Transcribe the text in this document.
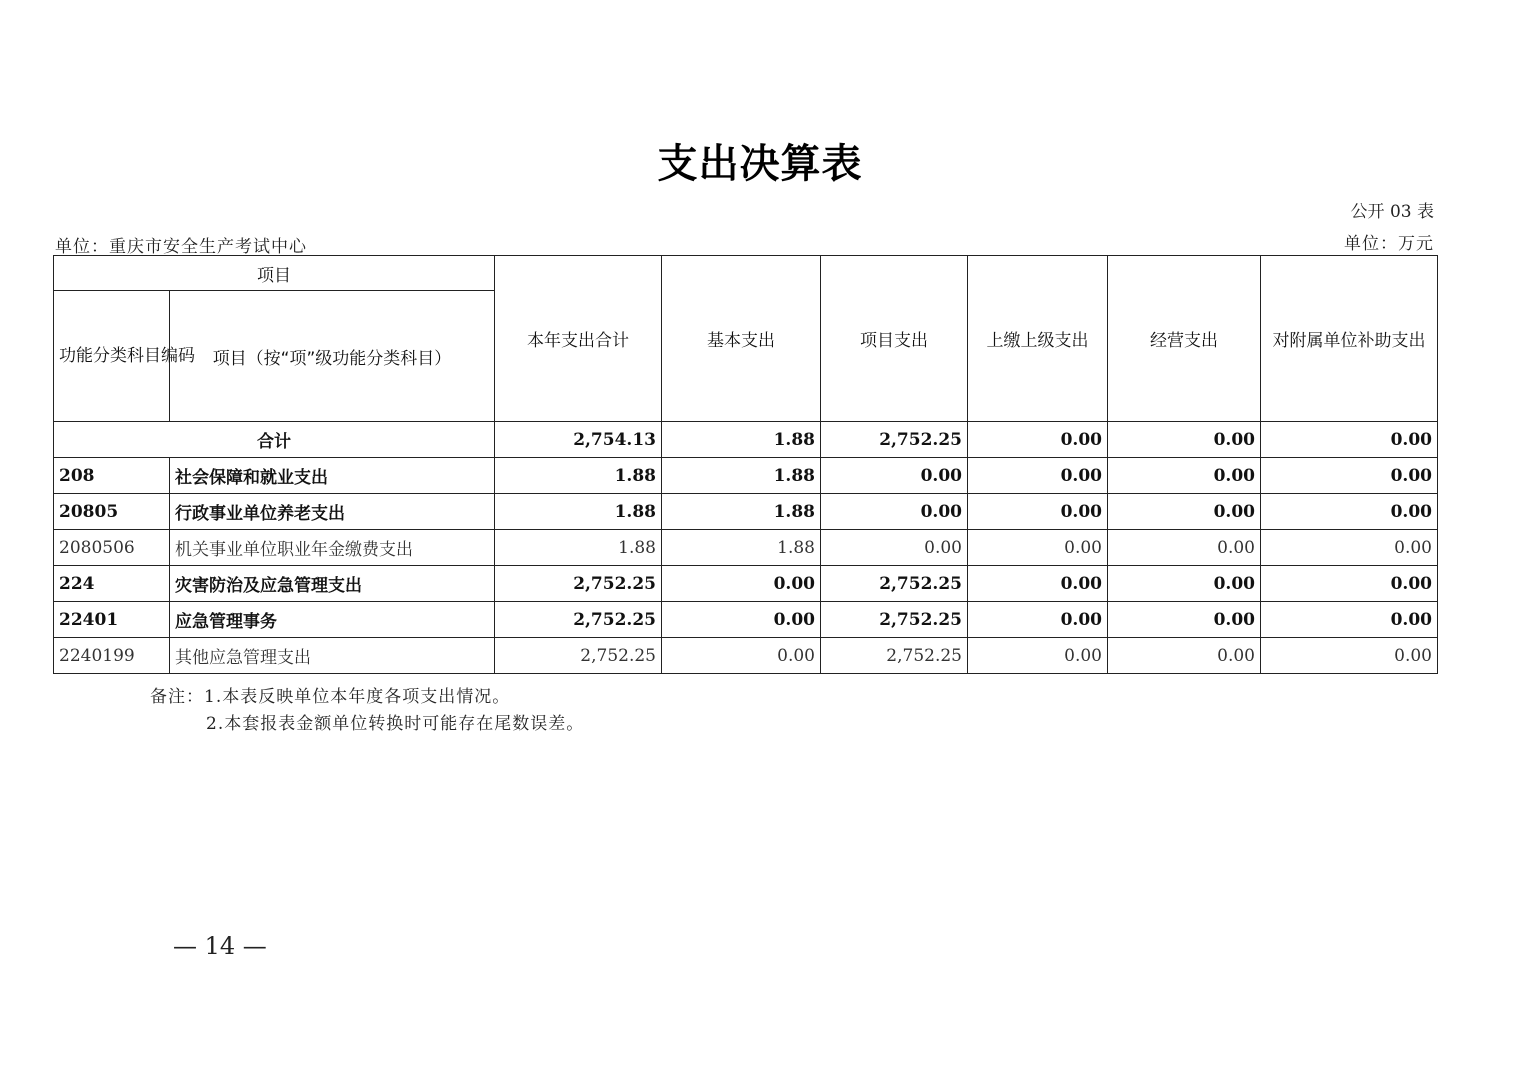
支出决算表
公开 03 表
单位：重庆市安全生产考试中心	单位：万元
项目		本年支出合计	基本支出	项目支出	上缴上级支出	经营支出	对附属单位补助支出
功能分类科目编码	项目（按“项”级功能分类科目）						
合计		2,754.13	1.88	2,752.25	0.00	0.00	0.00
208	社会保障和就业支出	1.88	1.88	0.00	0.00	0.00	0.00
20805	行政事业单位养老支出	1.88	1.88	0.00	0.00	0.00	0.00
2080506	机关事业单位职业年金缴费支出	1.88	1.88	0.00	0.00	0.00	0.00
224	灾害防治及应急管理支出	2,752.25	0.00	2,752.25	0.00	0.00	0.00
22401	应急管理事务	2,752.25	0.00	2,752.25	0.00	0.00	0.00
2240199	其他应急管理支出	2,752.25	0.00	2,752.25	0.00	0.00	0.00
备注：1.本表反映单位本年度各项支出情况。
2.本套报表金额单位转换时可能存在尾数误差。
— 14 —
